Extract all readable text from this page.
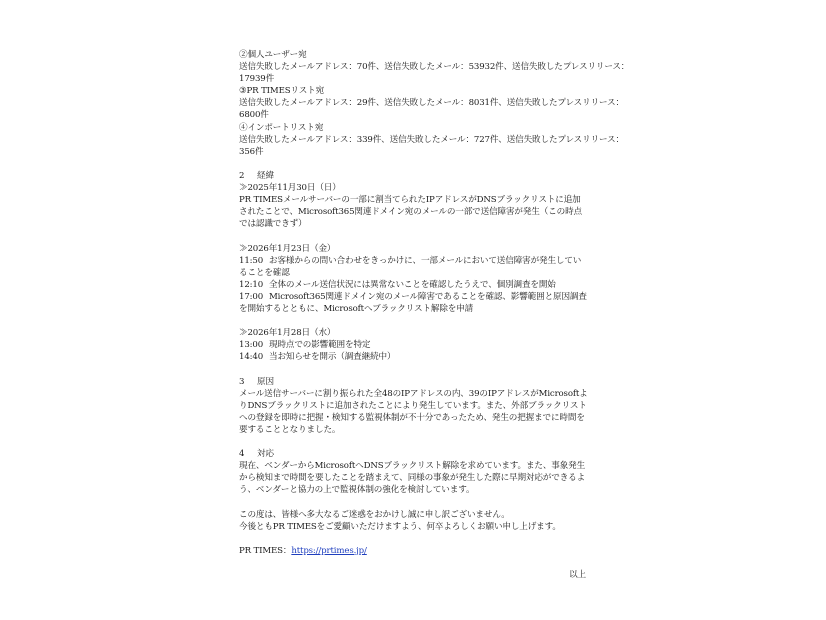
②個人ユーザー宛
送信失敗したメールアドレス：70件、送信失敗したメール：53932件、送信失敗したプレスリリース：
17939件
③PR TIMESリスト宛
送信失敗したメールアドレス：29件、送信失敗したメール：8031件、送信失敗したプレスリリース：
6800件
④インポートリスト宛
送信失敗したメールアドレス：339件、送信失敗したメール：727件、送信失敗したプレスリリース：
356件
2 経緯
≫2025年11月30日（日）
PR TIMESメールサーバーの一部に割当てられたIPアドレスがDNSブラックリストに追加されたことで、Microsoft365関連ドメイン宛のメールの一部で送信障害が発生（この時点では認識できず）
≫2026年1月23日（金）
11:50 お客様からの問い合わせをきっかけに、一部メールにおいて送信障害が発生していることを確認
12:10 全体のメール送信状況には異常ないことを確認したうえで、個別調査を開始
17:00 Microsoft365関連ドメイン宛のメール障害であることを確認、影響範囲と原因調査を開始するとともに、Microsoftへブラックリスト解除を申請
≫2026年1月28日（水）
13:00 現時点での影響範囲を特定
14:40 当お知らせを開示（調査継続中）
3 原因
メール送信サーバーに割り振られた全48のIPアドレスの内、39のIPアドレスがMicrosoftよりDNSブラックリストに追加されたことにより発生しています。また、外部ブラックリストへの登録を即時に把握・検知する監視体制が不十分であったため、発生の把握までに時間を要することとなりました。
4 対応
現在、ベンダーからMicrosoftへDNSブラックリスト解除を求めています。また、事象発生から検知まで時間を要したことを踏まえて、同様の事象が発生した際に早期対応ができるよう、ベンダーと協力の上で監視体制の強化を検討しています。
この度は、皆様へ多大なるご迷惑をおかけし誠に申し訳ございません。
今後ともPR TIMESをご愛顧いただけますよう、何卒よろしくお願い申し上げます。
PR TIMES：https://prtimes.jp/
以上
